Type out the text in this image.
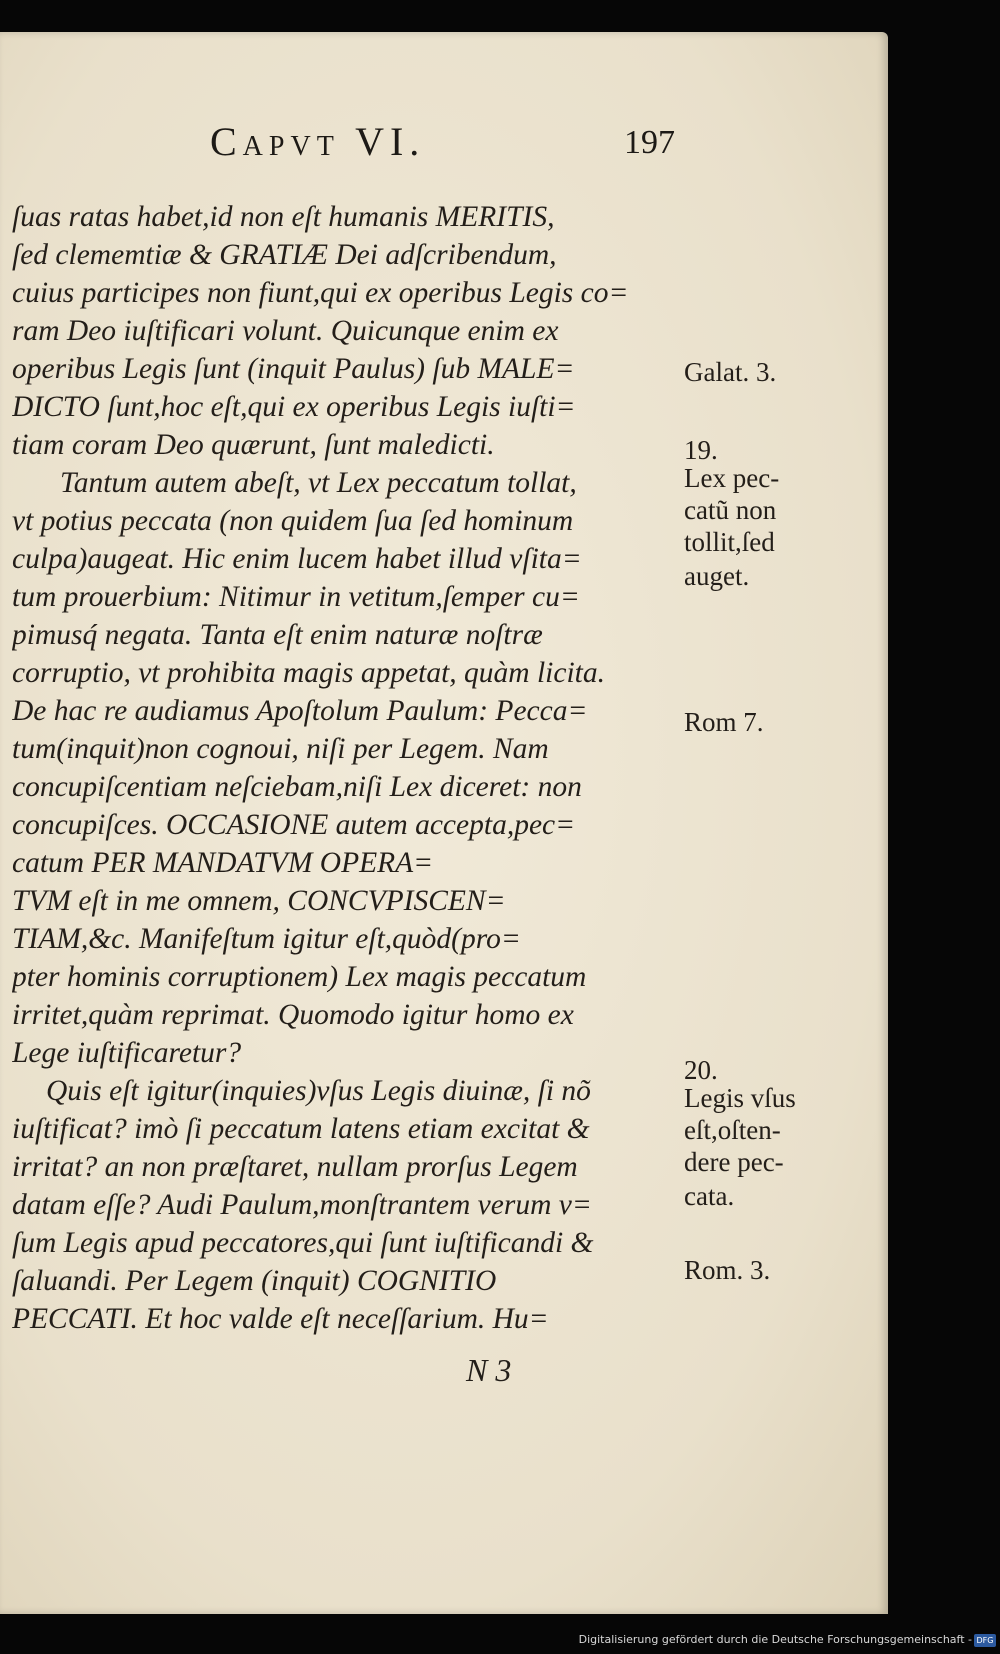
Capvt VI.	197
ſuas ratas habet,id non eſt humanis MERITIS,
ſed clememtiæ & GRATIÆ Dei adſcribendum,
cuius participes non fiunt,qui ex operibus Legis co=
ram Deo iuſtificari volunt. Quicunque enim ex
operibus Legis ſunt (inquit Paulus) ſub MALE=
DICTO ſunt,hoc eſt,qui ex operibus Legis iuſti=
tiam coram Deo quærunt, ſunt maledicti.
Tantum autem abeſt, vt Lex peccatum tollat,
vt potius peccata (non quidem ſua ſed hominum
culpa)augeat. Hic enim lucem habet illud vſita=
tum prouerbium: Nitimur in vetitum,ſemper cu=
pimusq́ negata. Tanta eſt enim naturæ noſtræ
corruptio, vt prohibita magis appetat, quàm licita.
De hac re audiamus Apoſtolum Paulum: Pecca=
tum(inquit)non cognoui, niſi per Legem. Nam
concupiſcentiam neſciebam,niſi Lex diceret: non
concupiſces. OCCASIONE autem accepta,pec=
catum PER MANDATVM OPERA=
TVM eſt in me omnem, CONCVPISCEN=
TIAM,&c. Manifeſtum igitur eſt,quòd(pro=
pter hominis corruptionem) Lex magis peccatum
irritet,quàm reprimat. Quomodo igitur homo ex
Lege iuſtificaretur?
Quis eſt igitur(inquies)vſus Legis diuinæ, ſi nõ
iuſtificat? imò ſi peccatum latens etiam excitat &
irritat? an non præſtaret, nullam prorſus Legem
datam eſſe? Audi Paulum,monſtrantem verum v=
ſum Legis apud peccatores,qui ſunt iuſtificandi &
ſaluandi. Per Legem (inquit) COGNITIO
PECCATI. Et hoc valde eſt neceſſarium. Hu=
Galat. 3.
19.
Lex pec-
catũ non
tollit,ſed
auget.
Rom 7.
20.
Legis vſus
eſt,oſten-
dere pec-
cata.
Rom. 3.
N 3
Digitalisierung gefördert durch die Deutsche Forschungsgemeinschaft - DFG
